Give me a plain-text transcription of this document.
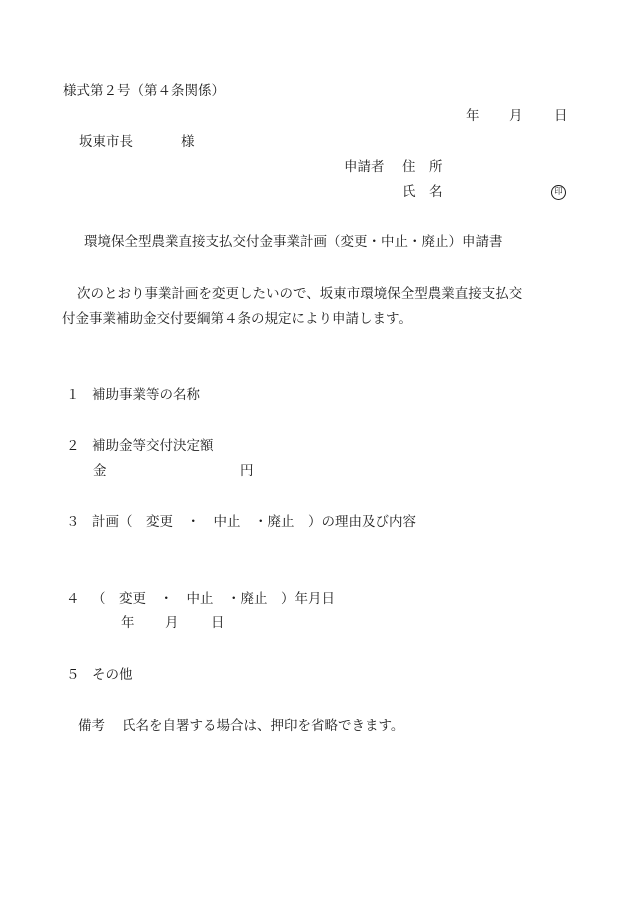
様式第２号（第４条関係）
年 月 日
坂東市長	様
申請者 住　所
氏　名	印
環境保全型農業直接支払交付金事業計画（変更・中止・廃止）申請書
次のとおり事業計画を変更したいので、坂東市環境保全型農業直接支払交
付金事業補助金交付要綱第４条の規定により申請します。
１ 補助事業等の名称
２ 補助金等交付決定額
金	円
３ 計画（　変更　・　中止　・廃止　）の理由及び内容
４ （　変更　・　中止　・廃止　）年月日
年 月 日
５ その他
備考 氏名を自署する場合は、押印を省略できます。
